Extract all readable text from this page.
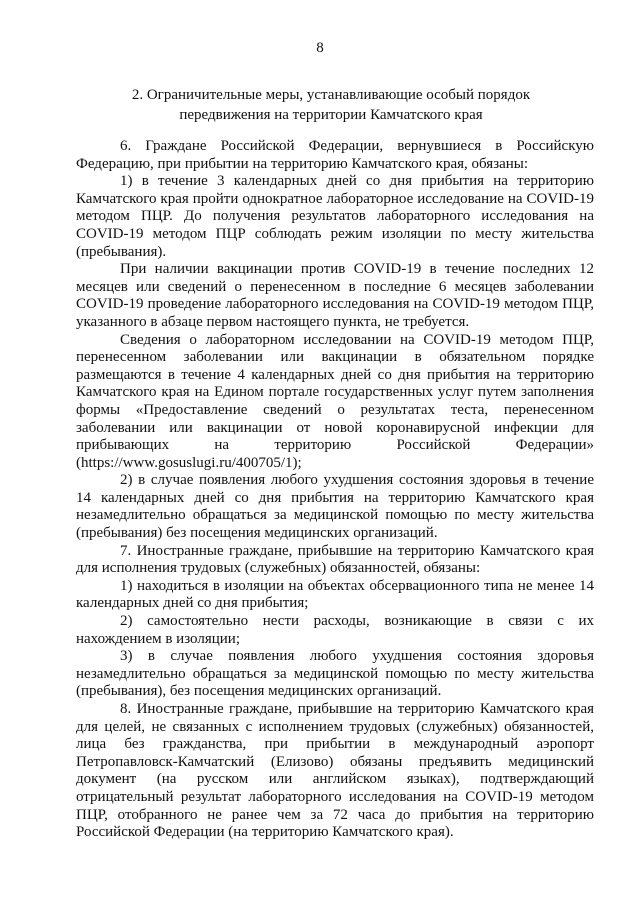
8
2. Ограничительные меры, устанавливающие особый порядок
передвижения на территории Камчатского края

6. Граждане Российской Федерации, вернувшиеся в Российскую Федерацию, при прибытии на территорию Камчатского края, обязаны:

1) в течение 3 календарных дней со дня прибытия на территорию Камчатского края пройти однократное лабораторное исследование на COVID-19 методом ПЦР. До получения результатов лабораторного исследования на COVID-19 методом ПЦР соблюдать режим изоляции по месту жительства (пребывания).

При наличии вакцинации против COVID-19 в течение последних 12 месяцев или сведений о перенесенном в последние 6 месяцев заболевании COVID-19 проведение лабораторного исследования на COVID-19 методом ПЦР, указанного в абзаце первом настоящего пункта, не требуется.

Сведения о лабораторном исследовании на COVID-19 методом ПЦР, перенесенном заболевании или вакцинации в обязательном порядке размещаются в течение 4 календарных дней со дня прибытия на территорию Камчатского края на Едином портале государственных услуг путем заполнения формы «Предоставление сведений о результатах теста, перенесенном заболевании или вакцинации от новой коронавирусной инфекции для прибывающих на территорию Российской Федерации» (https://www.gosuslugi.ru/400705/1);

2) в случае появления любого ухудшения состояния здоровья в течение 14 календарных дней со дня прибытия на территорию Камчатского края незамедлительно обращаться за медицинской помощью по месту жительства (пребывания) без посещения медицинских организаций.

7. Иностранные граждане, прибывшие на территорию Камчатского края для исполнения трудовых (служебных) обязанностей, обязаны:

1) находиться в изоляции на объектах обсервационного типа не менее 14 календарных дней со дня прибытия;

2) самостоятельно нести расходы, возникающие в связи с их нахождением в изоляции;

3) в случае появления любого ухудшения состояния здоровья незамедлительно обращаться за медицинской помощью по месту жительства (пребывания), без посещения медицинских организаций.

8. Иностранные граждане, прибывшие на территорию Камчатского края для целей, не связанных с исполнением трудовых (служебных) обязанностей, лица без гражданства, при прибытии в международный аэропорт Петропавловск-Камчатский (Елизово) обязаны предъявить медицинский документ (на русском или английском языках), подтверждающий отрицательный результат лабораторного исследования на COVID-19 методом ПЦР, отобранного не ранее чем за 72 часа до прибытия на территорию Российской Федерации (на территорию Камчатского края).
